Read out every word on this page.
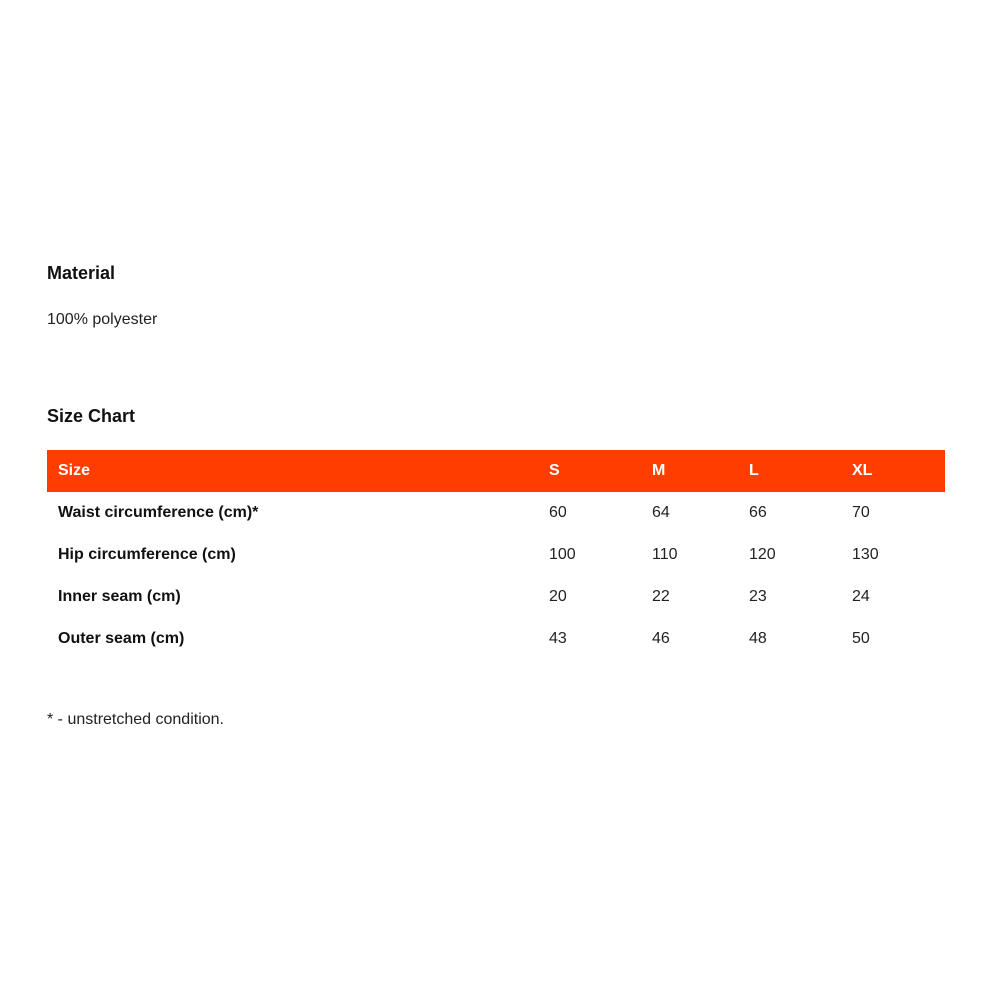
Material

100% polyester

Size Chart
Size	S	M	L	XL
Waist circumference (cm)*	60	64	66	70
Hip circumference (cm)	100	110	120	130
Inner seam (cm)	20	22	23	24
Outer seam (cm)	43	46	48	50

* - unstretched condition.
